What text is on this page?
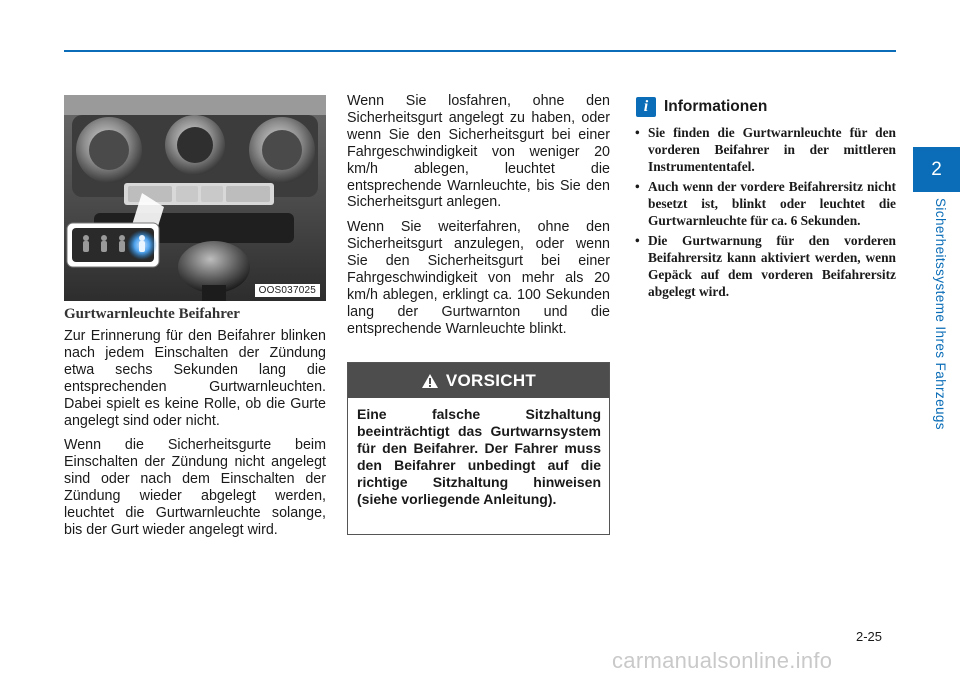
2
Sicherheitssysteme Ihres Fahrzeugs
OOS037025
Gurtwarnleuchte Beifahrer

Zur Erinnerung für den Beifahrer blinken nach jedem Einschalten der Zündung etwa sechs Sekunden lang die entsprechenden Gurtwarnleuchten. Dabei spielt es keine Rolle, ob die Gurte angelegt sind oder nicht.

Wenn die Sicherheitsgurte beim Einschalten der Zündung nicht angelegt sind oder nach dem Einschalten der Zündung wieder abgelegt werden, leuchtet die Gurtwarnleuchte solange, bis der Gurt wieder angelegt wird.

Wenn Sie losfahren, ohne den Sicherheitsgurt angelegt zu haben, oder wenn Sie den Sicherheitsgurt bei einer Fahrgeschwindigkeit von weniger 20 km/h ablegen, leuchtet die entsprechende Warnleuchte, bis Sie den Sicherheitsgurt anlegen.

Wenn Sie weiterfahren, ohne den Sicherheitsgurt anzulegen, oder wenn Sie den Sicherheitsgurt bei einer Fahrgeschwindigkeit von mehr als 20 km/h ablegen, erklingt ca. 100 Sekunden lang der Gurtwarnton und die entsprechende Warnleuchte blinkt.

VORSICHT
Eine falsche Sitzhaltung beeinträchtigt das Gurtwarnsystem für den Beifahrer. Der Fahrer muss den Beifahrer unbedingt auf die richtige Sitzhaltung hinweisen (siehe vorliegende Anleitung).
i	Informationen
• Sie finden die Gurtwarnleuchte für den vorderen Beifahrer in der mittleren Instrumententafel.
• Auch wenn der vordere Beifahrersitz nicht besetzt ist, blinkt oder leuchtet die Gurtwarnleuchte für ca. 6 Sekunden.
• Die Gurtwarnung für den vorderen Beifahrersitz kann aktiviert werden, wenn Gepäck auf dem vorderen Beifahrersitz abgelegt wird.
2-25
carmanualsonline.info
